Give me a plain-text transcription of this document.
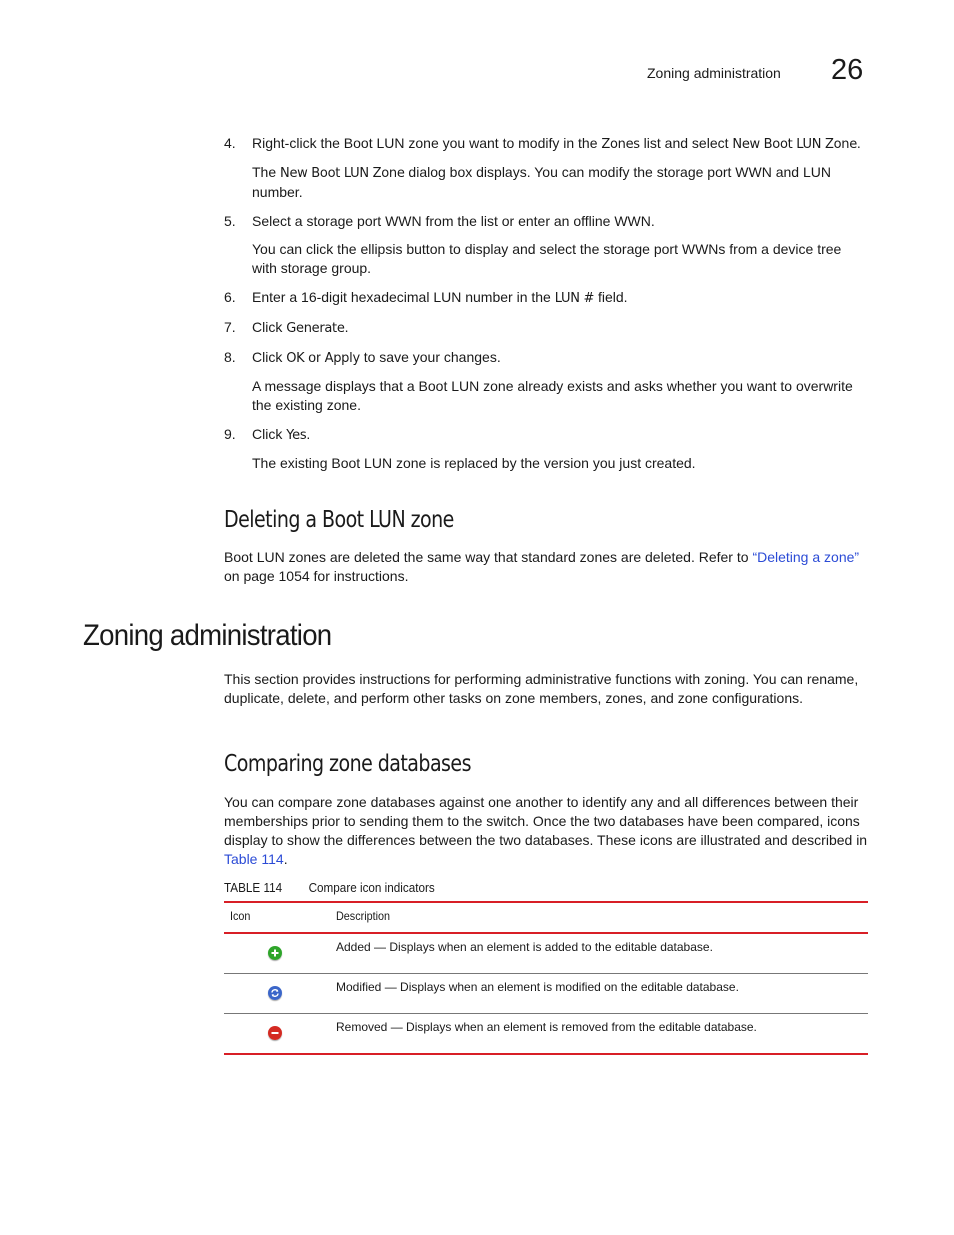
Zoning administration 26
4. Right-click the Boot LUN zone you want to modify in the Zones list and select New Boot LUN Zone.

The New Boot LUN Zone dialog box displays. You can modify the storage port WWN and LUN number.

5. Select a storage port WWN from the list or enter an offline WWN.

You can click the ellipsis button to display and select the storage port WWNs from a device tree with storage group.

6. Enter a 16-digit hexadecimal LUN number in the LUN # field.

7. Click Generate.

8. Click OK or Apply to save your changes.

A message displays that a Boot LUN zone already exists and asks whether you want to overwrite the existing zone.

9. Click Yes.

The existing Boot LUN zone is replaced by the version you just created.

Deleting a Boot LUN zone

Boot LUN zones are deleted the same way that standard zones are deleted. Refer to “Deleting a zone” on page 1054 for instructions.

Zoning administration

This section provides instructions for performing administrative functions with zoning. You can rename, duplicate, delete, and perform other tasks on zone members, zones, and zone configurations.

Comparing zone databases

You can compare zone databases against one another to identify any and all differences between their memberships prior to sending them to the switch. Once the two databases have been compared, icons display to show the differences between the two databases. These icons are illustrated and described in Table 114.

TABLE 114 Compare icon indicators
Icon	Description
Added — Displays when an element is added to the editable database.
Modified — Displays when an element is modified on the editable database.
Removed — Displays when an element is removed from the editable database.
